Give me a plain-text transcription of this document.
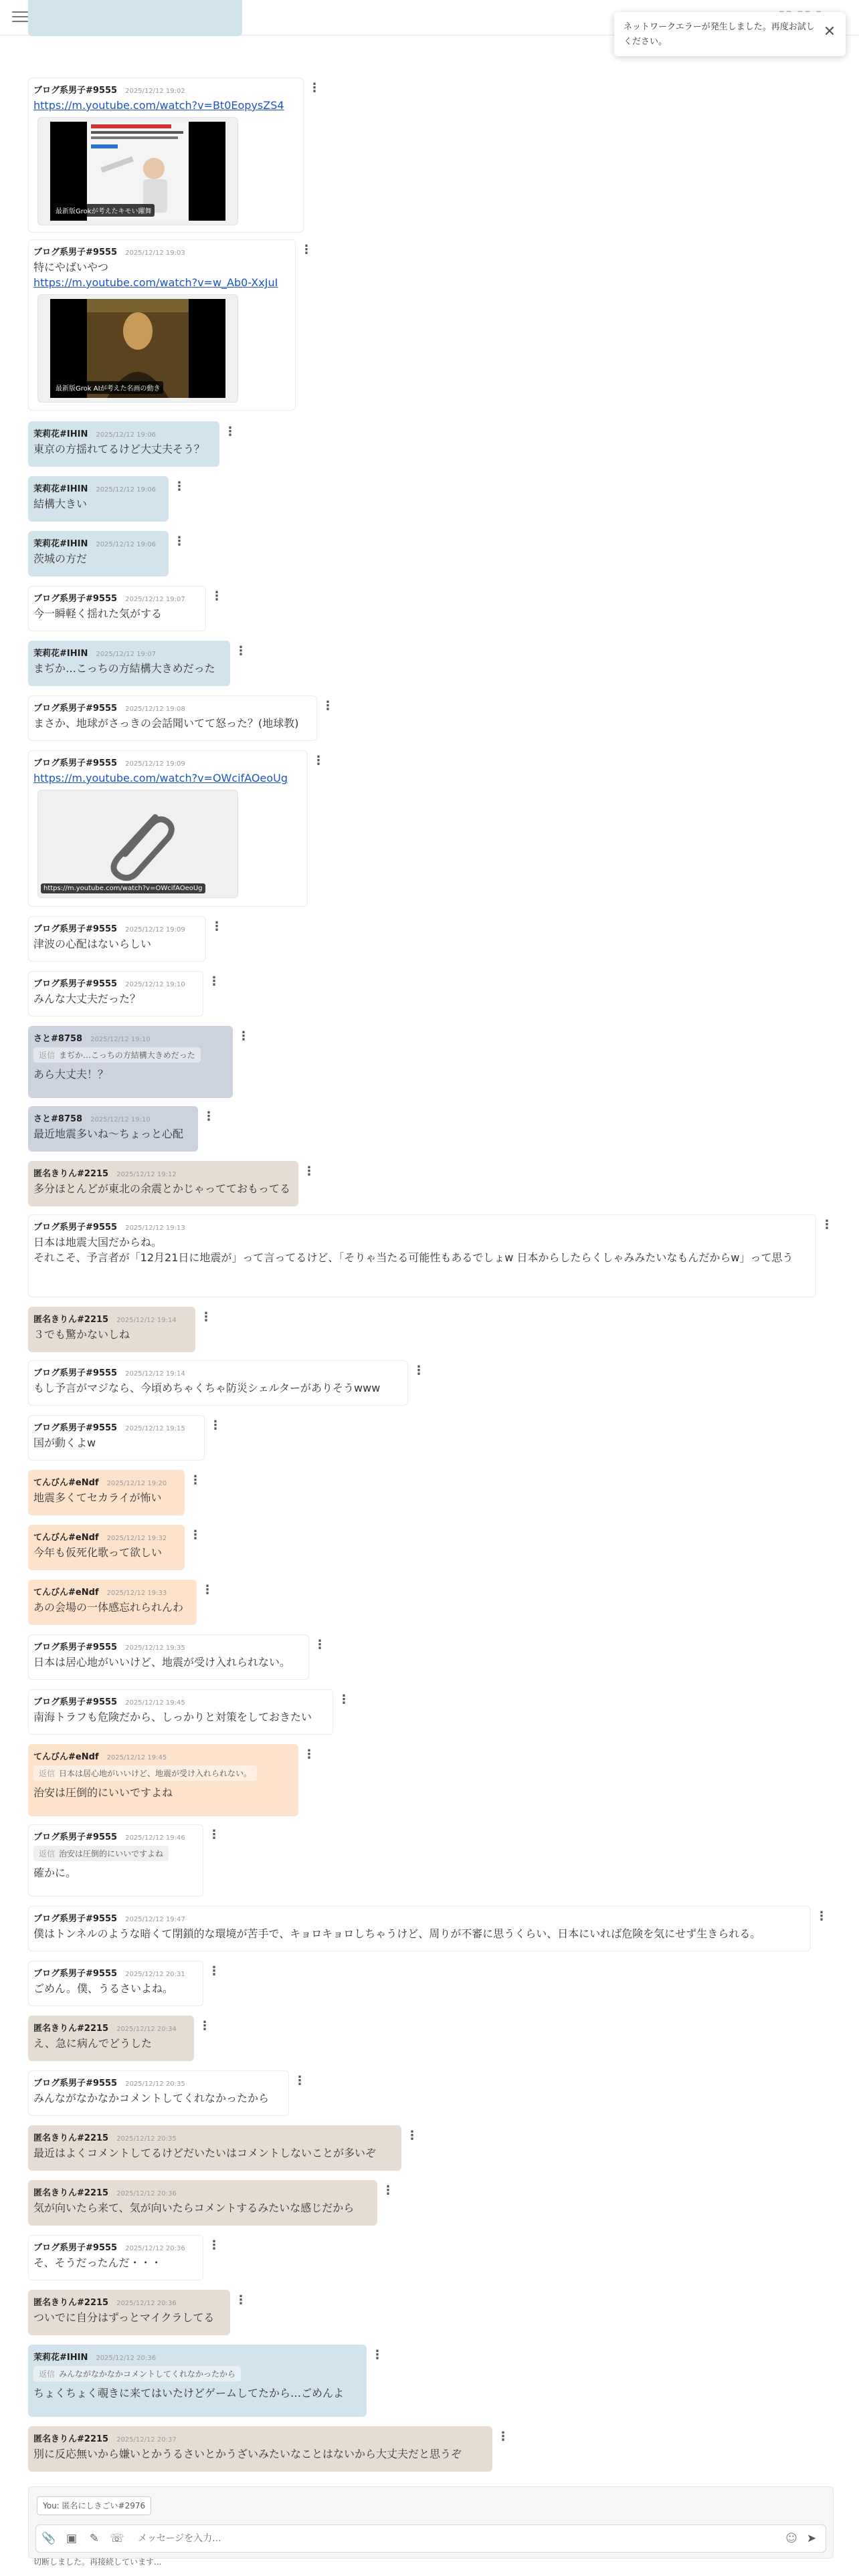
ネットワークエラーが発生しました。再度お試しください。
✕
ブログ系男子#9555 2025/12/12 19:02
https://m.youtube.com/watch?v=Bt0EopysZS4
最新版Grokが考えたキモい躍舞
⋮
ブログ系男子#9555 2025/12/12 19:03
特にやばいやつ
https://m.youtube.com/watch?v=w_Ab0-XxJuI
最新版Grok AIが考えた名画の動き
⋮
茉莉花#IHIN 2025/12/12 19:06
東京の方揺れてるけど大丈夫そう？
⋮
茉莉花#IHIN 2025/12/12 19:06
結構大きい
⋮
茉莉花#IHIN 2025/12/12 19:06
茨城の方だ
⋮
ブログ系男子#9555 2025/12/12 19:07
今一瞬軽く揺れた気がする
⋮
茉莉花#IHIN 2025/12/12 19:07
まぢか…こっちの方結構大きめだった
⋮
ブログ系男子#9555 2025/12/12 19:08
まさか、地球がさっきの会話聞いてて怒った？(地球教)
⋮
ブログ系男子#9555 2025/12/12 19:09
https://m.youtube.com/watch?v=OWcifAOeoUg
https://m.youtube.com/watch?v=OWcifAOeoUg
⋮
ブログ系男子#9555 2025/12/12 19:09
津波の心配はないらしい
⋮
ブログ系男子#9555 2025/12/12 19:10
みんな大丈夫だった？
⋮
さと#8758 2025/12/12 19:10
返信 まぢか…こっちの方結構大きめだった
あら大丈夫！？
⋮
さと#8758 2025/12/12 19:10
最近地震多いね〜ちょっと心配
⋮
匿名きりん#2215 2025/12/12 19:12
多分ほとんどが東北の余震とかじゃってておもってる
⋮
ブログ系男子#9555 2025/12/12 19:13
日本は地震大国だからね。
それこそ、予言者が「12月21日に地震が」って言ってるけど、「そりゃ当たる可能性もあるでしょw 日本からしたらくしゃみみたいなもんだからw」って思う
⋮
匿名きりん#2215 2025/12/12 19:14
３でも驚かないしね
⋮
ブログ系男子#9555 2025/12/12 19:14
もし予言がマジなら、今頃めちゃくちゃ防災シェルターがありそうwww
⋮
ブログ系男子#9555 2025/12/12 19:15
国が動くよw
⋮
てんびん#eNdf 2025/12/12 19:20
地震多くてセカライが怖い
⋮
てんびん#eNdf 2025/12/12 19:32
今年も仮死化歌って欲しい
⋮
てんびん#eNdf 2025/12/12 19:33
あの会場の一体感忘れられんわ
⋮
ブログ系男子#9555 2025/12/12 19:35
日本は居心地がいいけど、地震が受け入れられない。
⋮
ブログ系男子#9555 2025/12/12 19:45
南海トラフも危険だから、しっかりと対策をしておきたい
⋮
てんびん#eNdf 2025/12/12 19:45
返信 日本は居心地がいいけど、地震が受け入れられない。
治安は圧倒的にいいですよね
⋮
ブログ系男子#9555 2025/12/12 19:46
返信 治安は圧倒的にいいですよね
確かに。
⋮
ブログ系男子#9555 2025/12/12 19:47
僕はトンネルのような暗くて閉鎖的な環境が苦手で、キョロキョロしちゃうけど、周りが不審に思うくらい、日本にいれば危険を気にせず生きられる。
⋮
ブログ系男子#9555 2025/12/12 20:31
ごめん。僕、うるさいよね。
⋮
匿名きりん#2215 2025/12/12 20:34
え、急に病んでどうした
⋮
ブログ系男子#9555 2025/12/12 20:35
みんながなかなかコメントしてくれなかったから
⋮
匿名きりん#2215 2025/12/12 20:35
最近はよくコメントしてるけどだいたいはコメントしないことが多いぞ
⋮
匿名きりん#2215 2025/12/12 20:36
気が向いたら来て、気が向いたらコメントするみたいな感じだから
⋮
ブログ系男子#9555 2025/12/12 20:36
そ、そうだったんだ・・・
⋮
匿名きりん#2215 2025/12/12 20:36
ついでに自分はずっとマイクラしてる
⋮
茉莉花#IHIN 2025/12/12 20:36
返信 みんながなかなかコメントしてくれなかったから
ちょくちょく覗きに来てはいたけどゲームしてたから…ごめんよ
⋮
匿名きりん#2215 2025/12/12 20:37
別に反応無いから嫌いとかうるさいとかうざいみたいなことはないから大丈夫だと思うぞ
⋮
You: 匿名にしきごい#2976
📎 ▣ ✎ ☏
メッセージを入力...	☺ ➤
切断しました。再接続しています...
